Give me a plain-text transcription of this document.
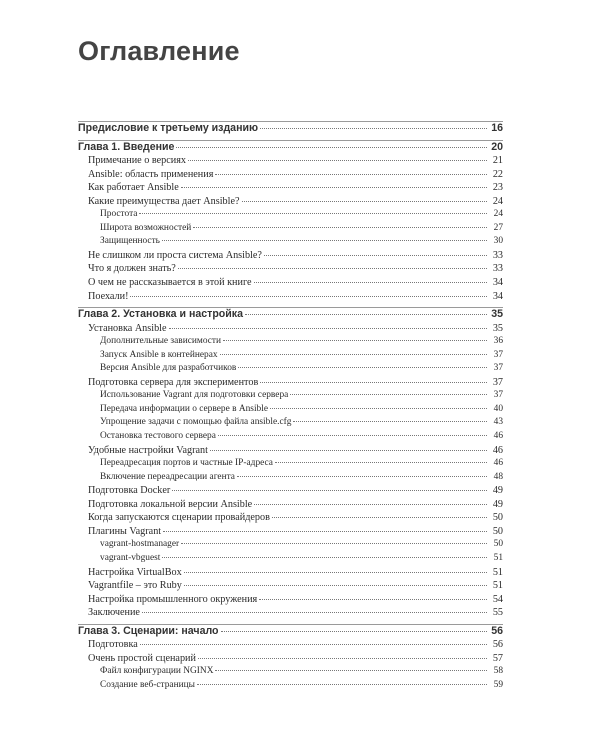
Оглавление
Предисловие к третьему изданию	16
Глава 1. Введение	20
Примечание о версиях	21
Ansible: область применения	22
Как работает Ansible	23
Какие преимущества дает Ansible?	24
Простота	24
Широта возможностей	27
Защищенность	30
Не слишком ли проста система Ansible?	33
Что я должен знать?	33
О чем не рассказывается в этой книге	34
Поехали!	34
Глава 2. Установка и настройка	35
Установка Ansible	35
Дополнительные зависимости	36
Запуск Ansible в контейнерах	37
Версия Ansible для разработчиков	37
Подготовка сервера для экспериментов	37
Использование Vagrant для подготовки сервера	37
Передача информации о сервере в Ansible	40
Упрощение задачи с помощью файла ansible.cfg	43
Остановка тестового сервера	46
Удобные настройки Vagrant	46
Переадресация портов и частные IP-адреса	46
Включение переадресации агента	48
Подготовка Docker	49
Подготовка локальной версии Ansible	49
Когда запускаются сценарии провайдеров	50
Плагины Vagrant	50
vagrant-hostmanager	50
vagrant-vbguest	51
Настройка VirtualBox	51
Vagrantfile – это Ruby	51
Настройка промышленного окружения	54
Заключение	55
Глава 3. Сценарии: начало	56
Подготовка	56
Очень простой сценарий	57
Файл конфигурации NGINX	58
Создание веб-страницы	59
